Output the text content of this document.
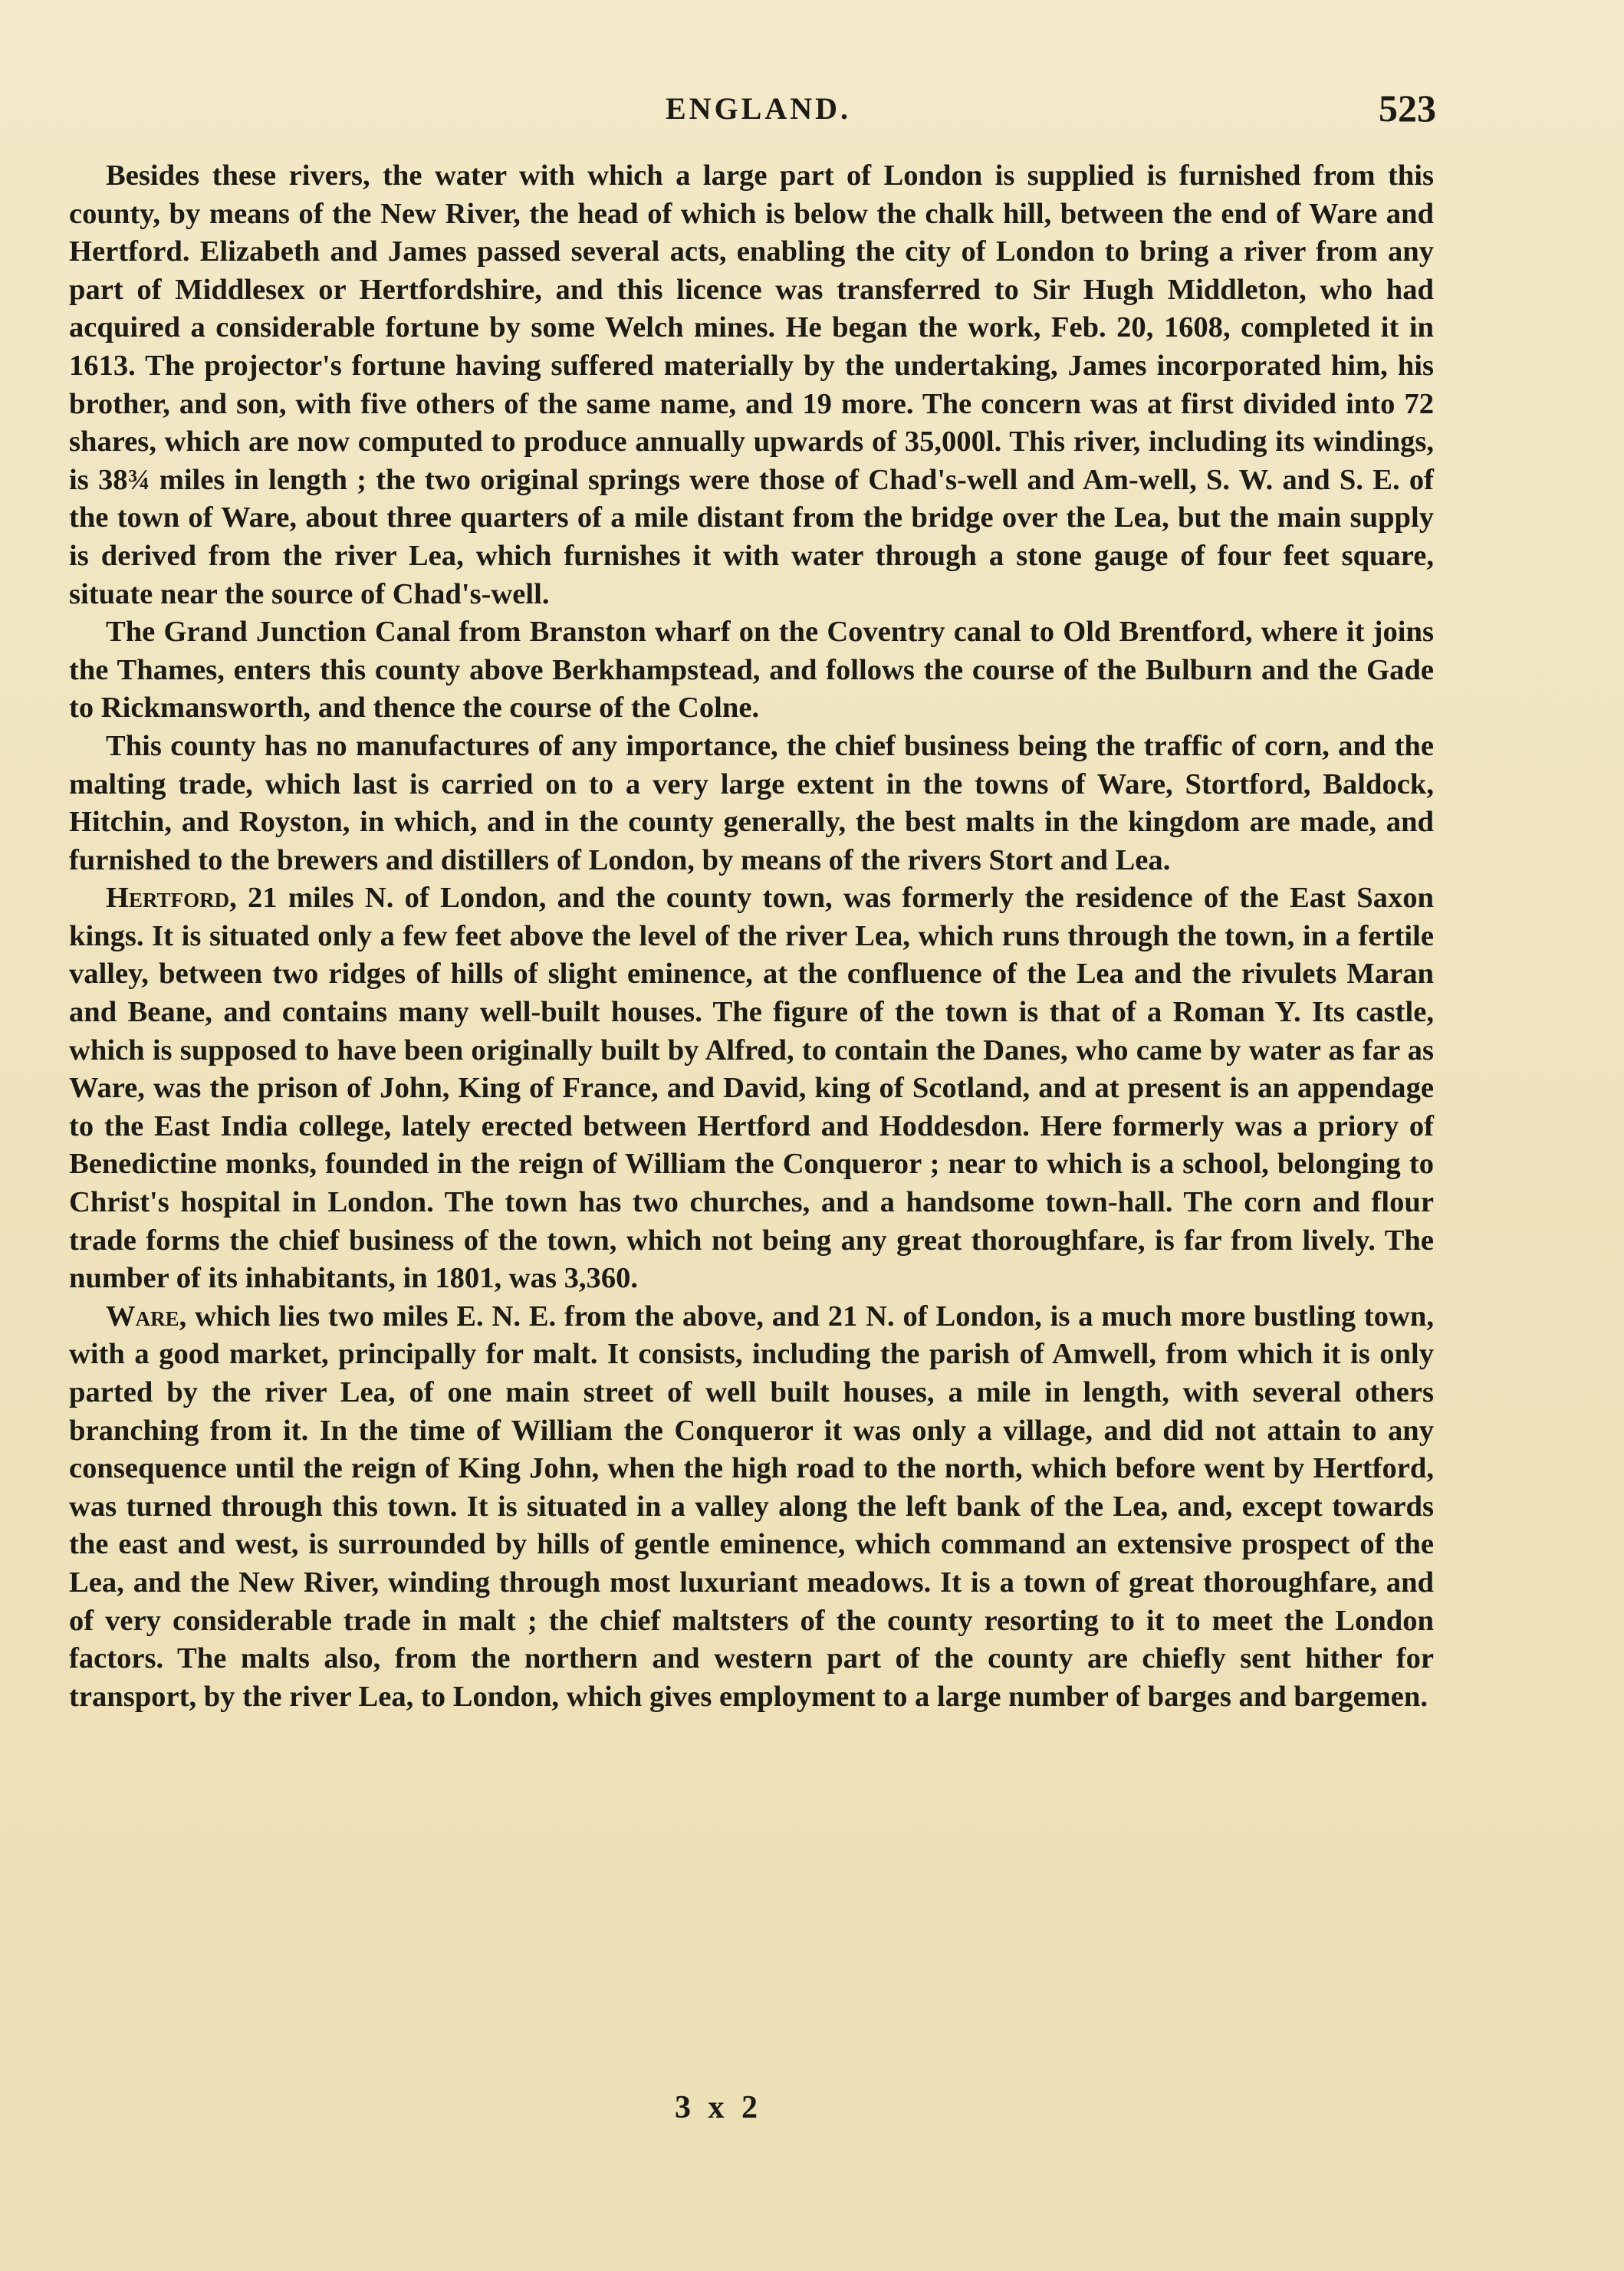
ENGLAND.	523

Besides these rivers, the water with which a large part of London is supplied is furnished from this county, by means of the New River, the head of which is below the chalk hill, between the end of Ware and Hertford. Elizabeth and James passed several acts, enabling the city of London to bring a river from any part of Middlesex or Hertfordshire, and this licence was transferred to Sir Hugh Middleton, who had acquired a considerable fortune by some Welch mines. He began the work, Feb. 20, 1608, completed it in 1613. The projector's fortune having suffered materially by the undertaking, James incorporated him, his brother, and son, with five others of the same name, and 19 more. The concern was at first divided into 72 shares, which are now computed to produce annually upwards of 35,000l. This river, including its windings, is 38¾ miles in length ; the two original springs were those of Chad's-well and Am-well, S. W. and S. E. of the town of Ware, about three quarters of a mile distant from the bridge over the Lea, but the main supply is derived from the river Lea, which furnishes it with water through a stone gauge of four feet square, situate near the source of Chad's-well.

The Grand Junction Canal from Branston wharf on the Coventry canal to Old Brentford, where it joins the Thames, enters this county above Berkhampstead, and follows the course of the Bulburn and the Gade to Rickmansworth, and thence the course of the Colne.

This county has no manufactures of any importance, the chief business being the traffic of corn, and the malting trade, which last is carried on to a very large extent in the towns of Ware, Stortford, Baldock, Hitchin, and Royston, in which, and in the county generally, the best malts in the kingdom are made, and furnished to the brewers and distillers of London, by means of the rivers Stort and Lea.

Hertford, 21 miles N. of London, and the county town, was formerly the residence of the East Saxon kings. It is situated only a few feet above the level of the river Lea, which runs through the town, in a fertile valley, between two ridges of hills of slight eminence, at the confluence of the Lea and the rivulets Maran and Beane, and contains many well-built houses. The figure of the town is that of a Roman Y. Its castle, which is supposed to have been originally built by Alfred, to contain the Danes, who came by water as far as Ware, was the prison of John, King of France, and David, king of Scotland, and at present is an appendage to the East India college, lately erected between Hertford and Hoddesdon. Here formerly was a priory of Benedictine monks, founded in the reign of William the Conqueror ; near to which is a school, belonging to Christ's hospital in London. The town has two churches, and a handsome town-hall. The corn and flour trade forms the chief business of the town, which not being any great thoroughfare, is far from lively. The number of its inhabitants, in 1801, was 3,360.

Ware, which lies two miles E. N. E. from the above, and 21 N. of London, is a much more bustling town, with a good market, principally for malt. It consists, including the parish of Amwell, from which it is only parted by the river Lea, of one main street of well built houses, a mile in length, with several others branching from it. In the time of William the Conqueror it was only a village, and did not attain to any consequence until the reign of King John, when the high road to the north, which before went by Hertford, was turned through this town. It is situated in a valley along the left bank of the Lea, and, except towards the east and west, is surrounded by hills of gentle eminence, which command an extensive prospect of the Lea, and the New River, winding through most luxuriant meadows. It is a town of great thoroughfare, and of very considerable trade in malt ; the chief maltsters of the county resorting to it to meet the London factors. The malts also, from the northern and western part of the county are chiefly sent hither for transport, by the river Lea, to London, which gives employment to a large number of barges and bargemen.

3 x 2
